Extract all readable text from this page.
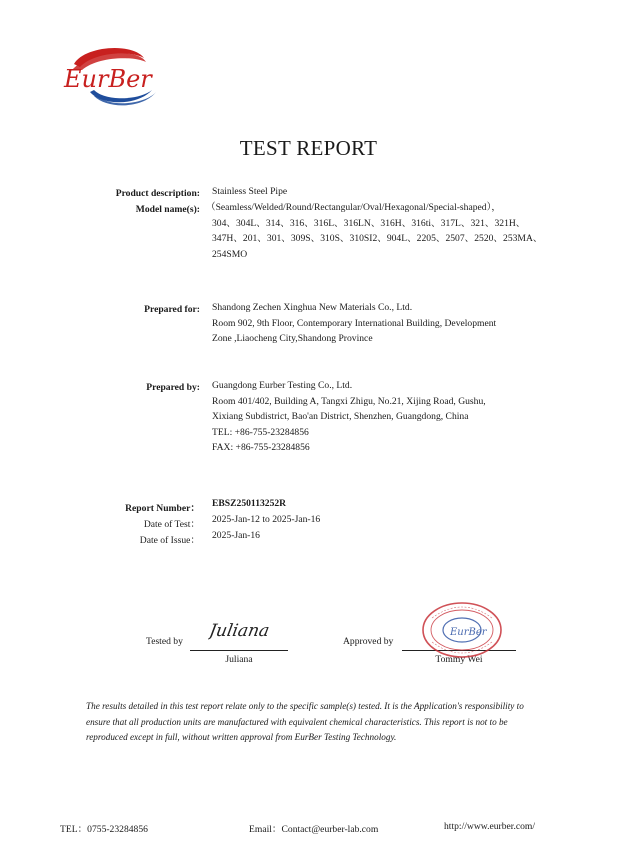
EurBer
TEST REPORT
Product description: Stainless Steel Pipe
Model name(s): （Seamless/Welded/Round/Rectangular/Oval/Hexagonal/Special-shaped），
304、304L、314、316、316L、316LN、316H、316ti、317L、321、321H、
347H、201、301、309S、310S、310SI2、904L、2205、2507、2520、253MA、
254SMO
Prepared for: Shandong Zechen Xinghua New Materials Co., Ltd.
Room 902, 9th Floor, Contemporary International Building, Development
Zone ,Liaocheng City,Shandong Province
Prepared by: Guangdong Eurber Testing Co., Ltd.
Room 401/402, Building A, Tangxi Zhigu, No.21, Xijing Road, Gushu,
Xixiang Subdistrict, Bao'an District, Shenzhen, Guangdong, China
TEL: +86-755-23284856
FAX: +86-755-23284856
Report Number： EBSZ250113252R
Date of Test： 2025-Jan-12 to 2025-Jan-16
Date of Issue： 2025-Jan-16
Tested by
Juliana
Juliana
Approved by
Tommy Wei
EurBer
The results detailed in this test report relate only to the specific sample(s) tested. It is the Application's responsibility to ensure that all production units are manufactured with equivalent chemical characteristics. This report is not to be reproduced except in full, without written approval from EurBer Testing Technology.
TEL：0755-23284856	Email：Contact@eurber-lab.com	http://www.eurber.com/
